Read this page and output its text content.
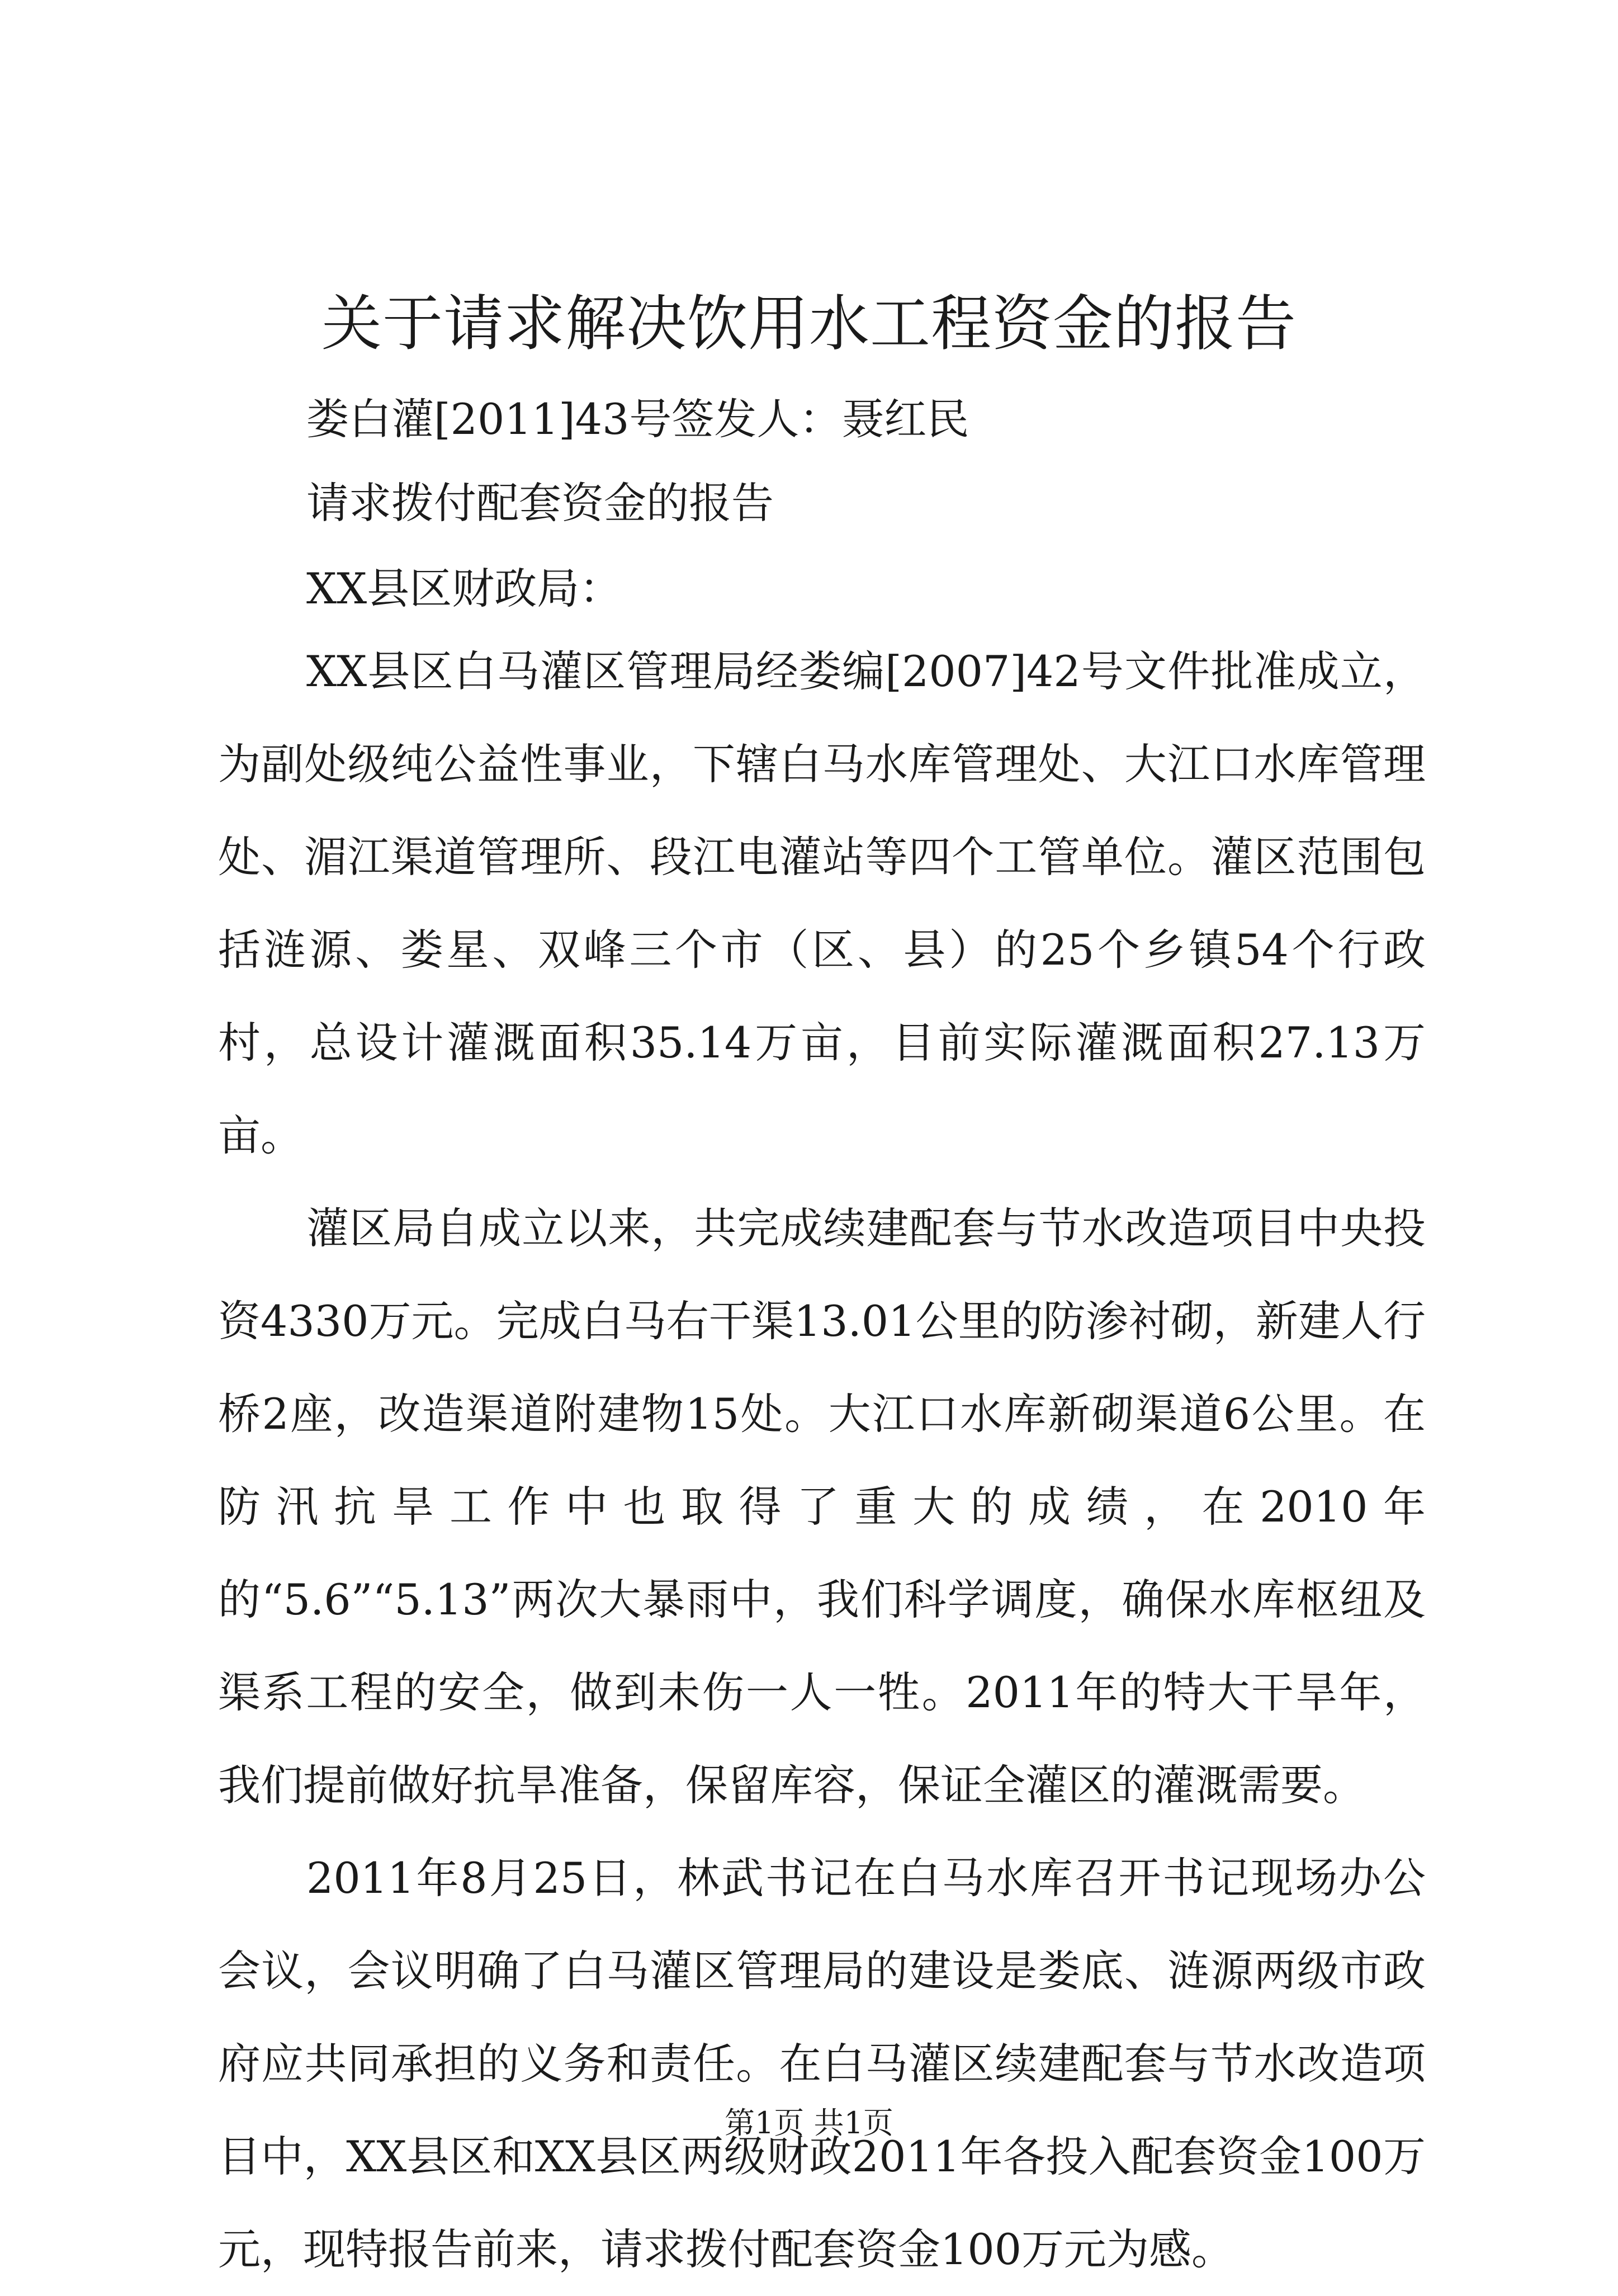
关于请求解决饮用水工程资金的报告

娄白灌[2011]43号签发人：聂红民

请求拨付配套资金的报告

XX县区财政局：

XX县区白马灌区管理局经娄编[2007]42号文件批准成立，为副处级纯公益性事业，下辖白马水库管理处、大江口水库管理处、湄江渠道管理所、段江电灌站等四个工管单位。灌区范围包括涟源、娄星、双峰三个市（区、县）的25个乡镇54个行政村，总设计灌溉面积35.14万亩，目前实际灌溉面积27.13万亩。

灌区局自成立以来，共完成续建配套与节水改造项目中央投资4330万元。完成白马右干渠13.01公里的防渗衬砌，新建人行桥2座，改造渠道附建物15处。大江口水库新砌渠道6公里。在防汛抗旱工作中也取得了重大的成绩，在2010年的“5.6”“5.13”两次大暴雨中，我们科学调度，确保水库枢纽及渠系工程的安全，做到未伤一人一牲。2011年的特大干旱年，我们提前做好抗旱准备，保留库容，保证全灌区的灌溉需要。

2011年8月25日，林武书记在白马水库召开书记现场办公会议，会议明确了白马灌区管理局的建设是娄底、涟源两级市政府应共同承担的义务和责任。在白马灌区续建配套与节水改造项目中，XX县区和XX县区两级财政2011年各投入配套资金100万元，现特报告前来，请求拨付配套资金100万元为感。

第1页 共1页
